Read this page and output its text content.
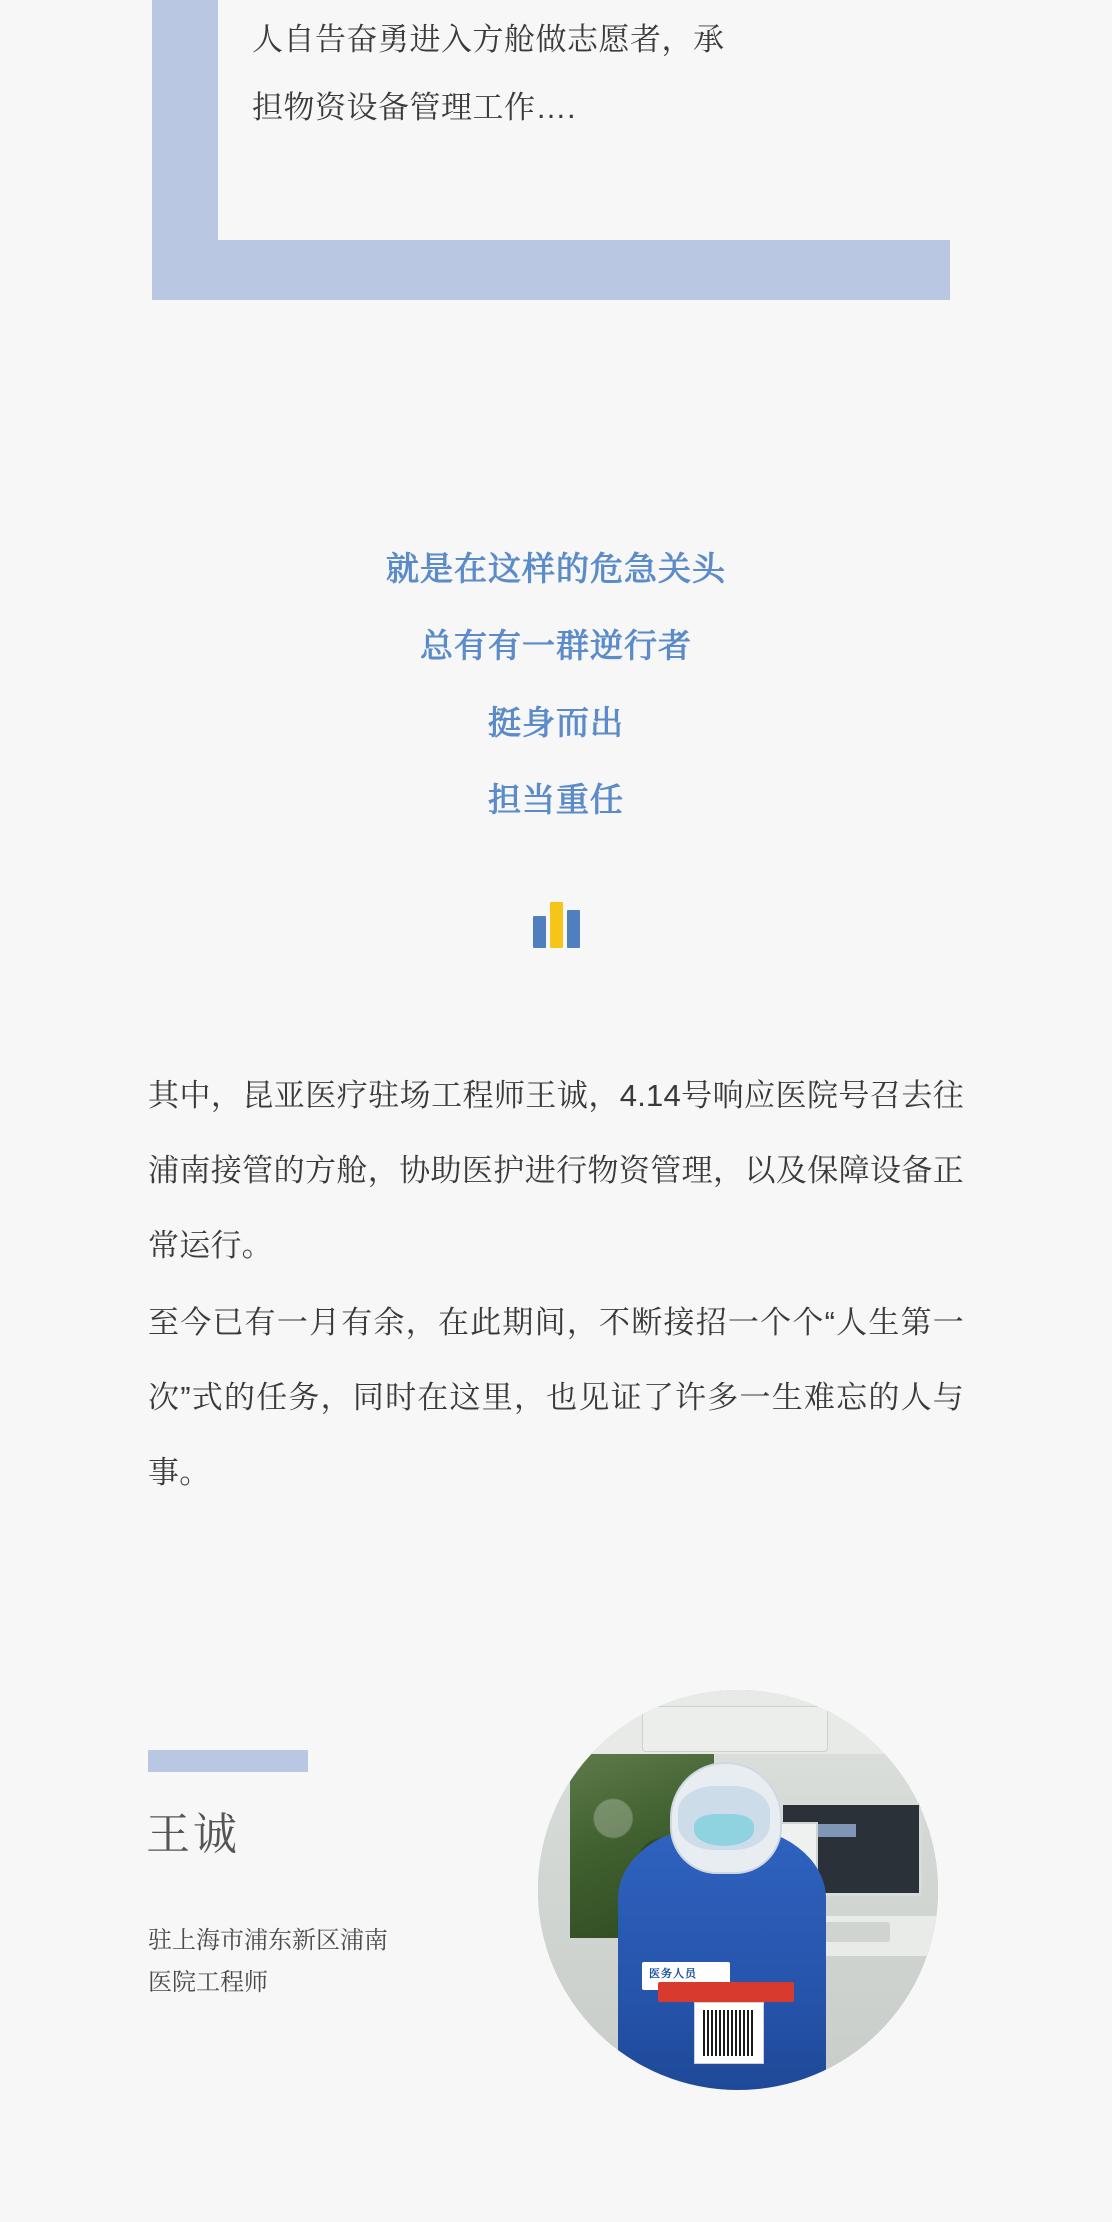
人自告奋勇进入方舱做志愿者，承
担物资设备管理工作….
就是在这样的危急关头
总有有一群逆行者
挺身而出
担当重任

其中，昆亚医疗驻场工程师王诚，4.14号响应医院号召去往浦南接管的方舱，协助医护进行物资管理，以及保障设备正常运行。

至今已有一月有余，在此期间，不断接招一个个“人生第一次”式的任务，同时在这里，也见证了许多一生难忘的人与事。

王诚
驻上海市浦东新区浦南
医院工程师	医务人员
